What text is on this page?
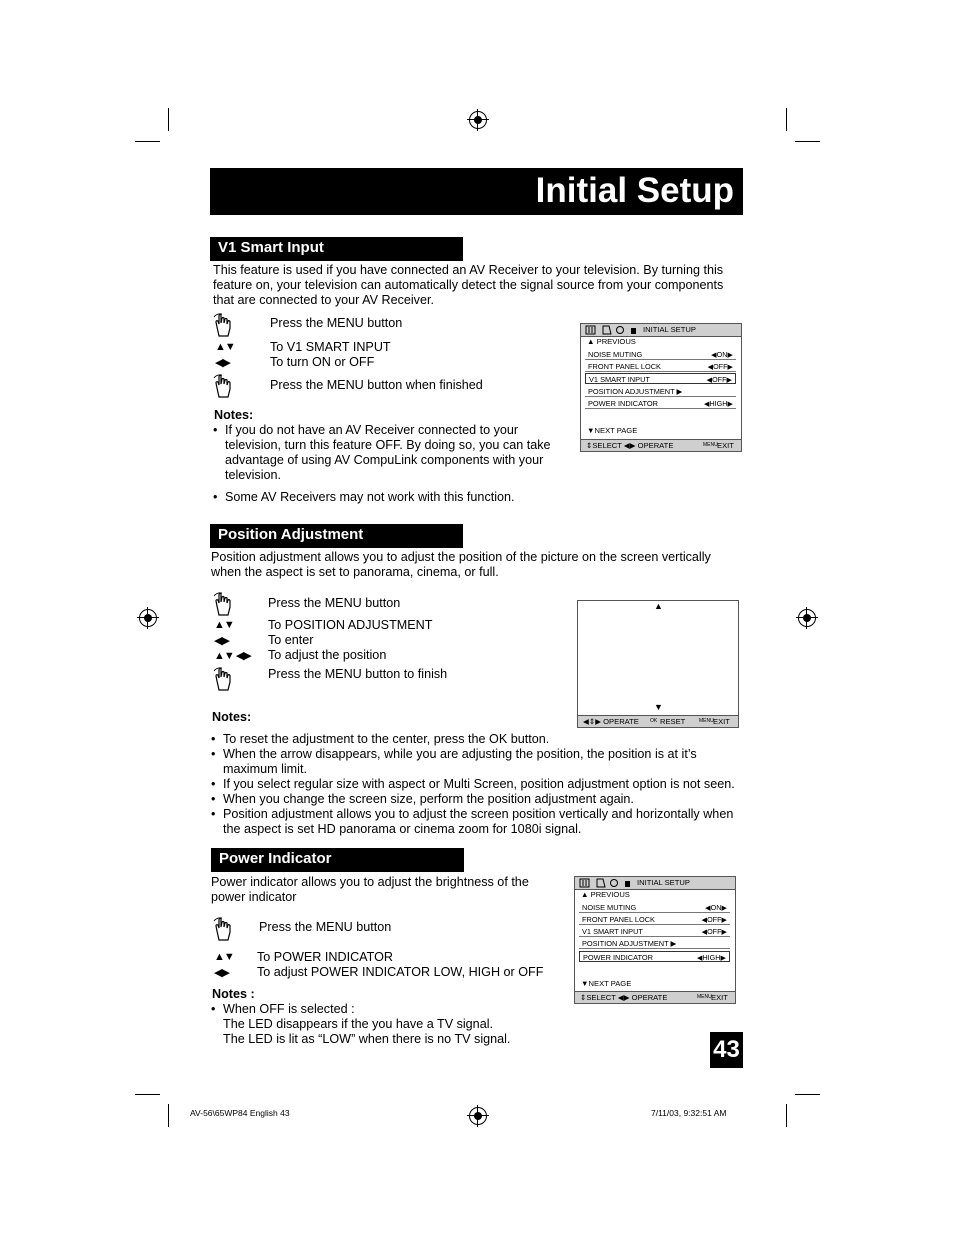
Initial Setup
V1 Smart Input
This feature is used if you have connected an AV Receiver to your television. By turning this feature on, your television can automatically detect the signal source from your components that are connected to your AV Receiver.
Press the MENU button
▲▼	To V1 SMART INPUT
◀▶	To turn ON or OFF
Press the MENU button when finished
Notes:
• If you do not have an AV Receiver connected to your television, turn this feature OFF. By doing so, you can take advantage of using AV CompuLink components with your television.
• Some AV Receivers may not work with this function.
INITIAL SETUP
▲ PREVIOUS
NOISE MUTING	◀ON▶
FRONT PANEL LOCK	◀OFF▶
V1 SMART INPUT	◀OFF▶
POSITION ADJUSTMENT ▶
POWER INDICATOR	◀HIGH▶
▼NEXT PAGE
⇕SELECT ◀▶ OPERATE	MENU EXIT
Position Adjustment
Position adjustment allows you to adjust the position of the picture on the screen vertically when the aspect is set to panorama, cinema, or full.
Press the MENU button
▲▼	To POSITION ADJUSTMENT
◀▶	To enter
▲▼ ◀▶ To adjust the position
Press the MENU button to finish
▲
▼
◀⇕▶ OPERATE OK RESET	MENU EXIT
Notes:
• To reset the adjustment to the center, press the OK button.
• When the arrow disappears, while you are adjusting the position, the position is at it’s maximum limit.
• If you select regular size with aspect or Multi Screen, position adjustment option is not seen.
• When you change the screen size, perform the position adjustment again.
• Position adjustment allows you to adjust the screen position vertically and horizontally when the aspect is set HD panorama or cinema zoom for 1080i signal.
Power Indicator
Power indicator allows you to adjust the brightness of the power indicator
Press the MENU button
▲▼ To POWER INDICATOR
◀▶ To adjust POWER INDICATOR LOW, HIGH or OFF
Notes :
• When OFF is selected :
The LED disappears if the you have a TV signal.
The LED is lit as “LOW” when there is no TV signal.
INITIAL SETUP
▲ PREVIOUS
NOISE MUTING	◀ON▶
FRONT PANEL LOCK	◀OFF▶
V1 SMART INPUT	◀OFF▶
POSITION ADJUSTMENT ▶
POWER INDICATOR	◀HIGH▶
▼NEXT PAGE
⇕SELECT ◀▶ OPERATE	MENU EXIT
43
AV-56\65WP84 English 43	7/11/03, 9:32:51 AM
